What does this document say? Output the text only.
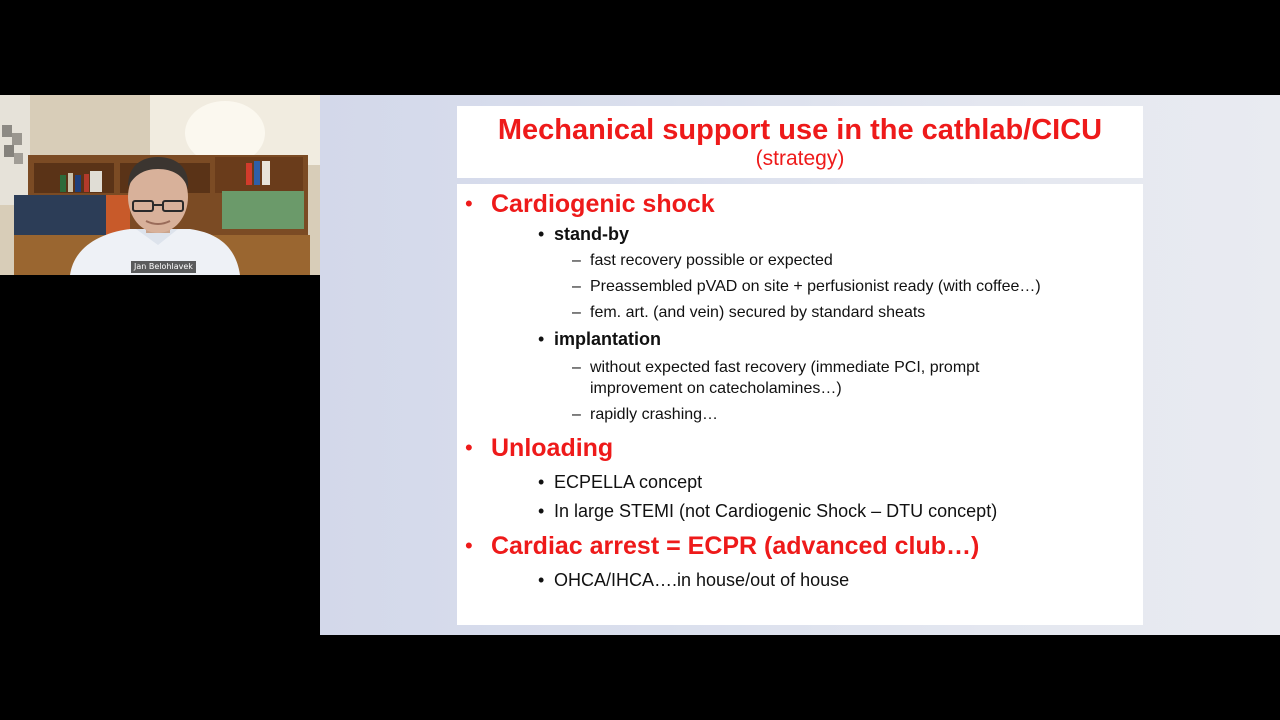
Jan Belohlavek
Mechanical support use in the cathlab/CICU
(strategy)
• Cardiogenic shock
• stand-by
– fast recovery possible or expected
– Preassembled pVAD on site + perfusionist ready (with coffee…)
– fem. art. (and vein) secured by standard sheats
• implantation
– without expected fast recovery (immediate PCI, prompt
improvement on catecholamines…)
– rapidly crashing…
• Unloading
• ECPELLA concept
• In large STEMI (not Cardiogenic Shock – DTU concept)
• Cardiac arrest = ECPR (advanced club…)
• OHCA/IHCA….in house/out of house
